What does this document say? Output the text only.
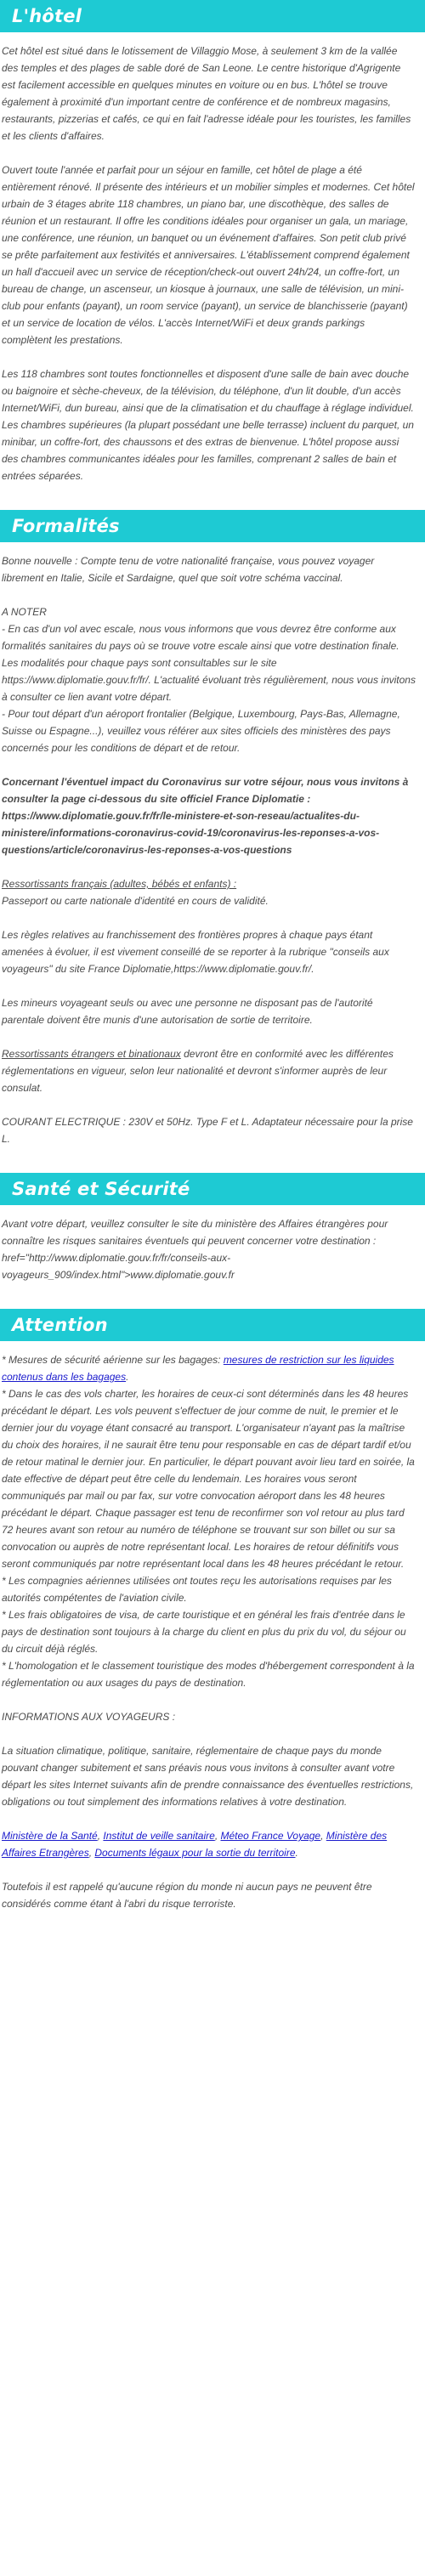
L'hôtel

Cet hôtel est situé dans le lotissement de Villaggio Mose, à seulement 3 km de la vallée des temples et des plages de sable doré de San Leone. Le centre historique d'Agrigente est facilement accessible en quelques minutes en voiture ou en bus. L'hôtel se trouve également à proximité d'un important centre de conférence et de nombreux magasins, restaurants, pizzerias et cafés, ce qui en fait l'adresse idéale pour les touristes, les familles et les clients d'affaires.

Ouvert toute l'année et parfait pour un séjour en famille, cet hôtel de plage a été entièrement rénové. Il présente des intérieurs et un mobilier simples et modernes. Cet hôtel urbain de 3 étages abrite 118 chambres, un piano bar, une discothèque, des salles de réunion et un restaurant. Il offre les conditions idéales pour organiser un gala, un mariage, une conférence, une réunion, un banquet ou un événement d'affaires. Son petit club privé se prête parfaitement aux festivités et anniversaires. L'établissement comprend également un hall d'accueil avec un service de réception/check-out ouvert 24h/24, un coffre-fort, un bureau de change, un ascenseur, un kiosque à journaux, une salle de télévision, un mini-club pour enfants (payant), un room service (payant), un service de blanchisserie (payant) et un service de location de vélos. L'accès Internet/WiFi et deux grands parkings complètent les prestations.

Les 118 chambres sont toutes fonctionnelles et disposent d'une salle de bain avec douche ou baignoire et sèche-cheveux, de la télévision, du téléphone, d'un lit double, d'un accès Internet/WiFi, dun bureau, ainsi que de la climatisation et du chauffage à réglage individuel. Les chambres supérieures (la plupart possédant une belle terrasse) incluent du parquet, un minibar, un coffre-fort, des chaussons et des extras de bienvenue. L'hôtel propose aussi des chambres communicantes idéales pour les familles, comprenant 2 salles de bain et entrées séparées.

Formalités

Bonne nouvelle : Compte tenu de votre nationalité française, vous pouvez voyager librement en Italie, Sicile et Sardaigne, quel que soit votre schéma vaccinal.

A NOTER

- En cas d'un vol avec escale, nous vous informons que vous devrez être conforme aux formalités sanitaires du pays où se trouve votre escale ainsi que votre destination finale.

Les modalités pour chaque pays sont consultables sur le site https://www.diplomatie.gouv.fr/fr/. L'actualité évoluant très régulièrement, nous vous invitons à consulter ce lien avant votre départ.

- Pour tout départ d'un aéroport frontalier (Belgique, Luxembourg, Pays-Bas, Allemagne, Suisse ou Espagne...), veuillez vous référer aux sites officiels des ministères des pays concernés pour les conditions de départ et de retour.

Concernant l'éventuel impact du Coronavirus sur votre séjour, nous vous invitons à consulter la page ci-dessous du site officiel France Diplomatie : https://www.diplomatie.gouv.fr/fr/le-ministere-et-son-reseau/actualites-du-ministere/informations-coronavirus-covid-19/coronavirus-les-reponses-a-vos-questions/article/coronavirus-les-reponses-a-vos-questions

Ressortissants français (adultes, bébés et enfants) :

Passeport ou carte nationale d'identité en cours de validité.

Les règles relatives au franchissement des frontières propres à chaque pays étant amenées à évoluer, il est vivement conseillé de se reporter à la rubrique "conseils aux voyageurs" du site France Diplomatie,https://www.diplomatie.gouv.fr/.

Les mineurs voyageant seuls ou avec une personne ne disposant pas de l'autorité parentale doivent être munis d'une autorisation de sortie de territoire.

Ressortissants étrangers et binationaux devront être en conformité avec les différentes réglementations en vigueur, selon leur nationalité et devront s'informer auprès de leur consulat.

COURANT ELECTRIQUE : 230V et 50Hz. Type F et L. Adaptateur nécessaire pour la prise L.

Santé et Sécurité

Avant votre départ, veuillez consulter le site du ministère des Affaires étrangères pour connaître les risques sanitaires éventuels qui peuvent concerner votre destination : href="http://www.diplomatie.gouv.fr/fr/conseils-aux-voyageurs_909/index.html">www.diplomatie.gouv.fr

Attention

* Mesures de sécurité aérienne sur les bagages: mesures de restriction sur les liquides contenus dans les bagages.

* Dans le cas des vols charter, les horaires de ceux-ci sont déterminés dans les 48 heures précédant le départ. Les vols peuvent s'effectuer de jour comme de nuit, le premier et le dernier jour du voyage étant consacré au transport. L'organisateur n'ayant pas la maîtrise du choix des horaires, il ne saurait être tenu pour responsable en cas de départ tardif et/ou de retour matinal le dernier jour. En particulier, le départ pouvant avoir lieu tard en soirée, la date effective de départ peut être celle du lendemain. Les horaires vous seront communiqués par mail ou par fax, sur votre convocation aéroport dans les 48 heures précédant le départ. Chaque passager est tenu de reconfirmer son vol retour au plus tard 72 heures avant son retour au numéro de téléphone se trouvant sur son billet ou sur sa convocation ou auprès de notre représentant local. Les horaires de retour définitifs vous seront communiqués par notre représentant local dans les 48 heures précédant le retour.

* Les compagnies aériennes utilisées ont toutes reçu les autorisations requises par les autorités compétentes de l'aviation civile.

* Les frais obligatoires de visa, de carte touristique et en général les frais d'entrée dans le pays de destination sont toujours à la charge du client en plus du prix du vol, du séjour ou du circuit déjà réglés.

* L'homologation et le classement touristique des modes d'hébergement correspondent à la réglementation ou aux usages du pays de destination.

INFORMATIONS AUX VOYAGEURS :

La situation climatique, politique, sanitaire, réglementaire de chaque pays du monde pouvant changer subitement et sans préavis nous vous invitons à consulter avant votre départ les sites Internet suivants afin de prendre connaissance des éventuelles restrictions, obligations ou tout simplement des informations relatives à votre destination.

Ministère de la Santé, Institut de veille sanitaire, Méteo France Voyage, Ministère des Affaires Etrangères, Documents légaux pour la sortie du territoire.

Toutefois il est rappelé qu'aucune région du monde ni aucun pays ne peuvent être considérés comme étant à l'abri du risque terroriste.
